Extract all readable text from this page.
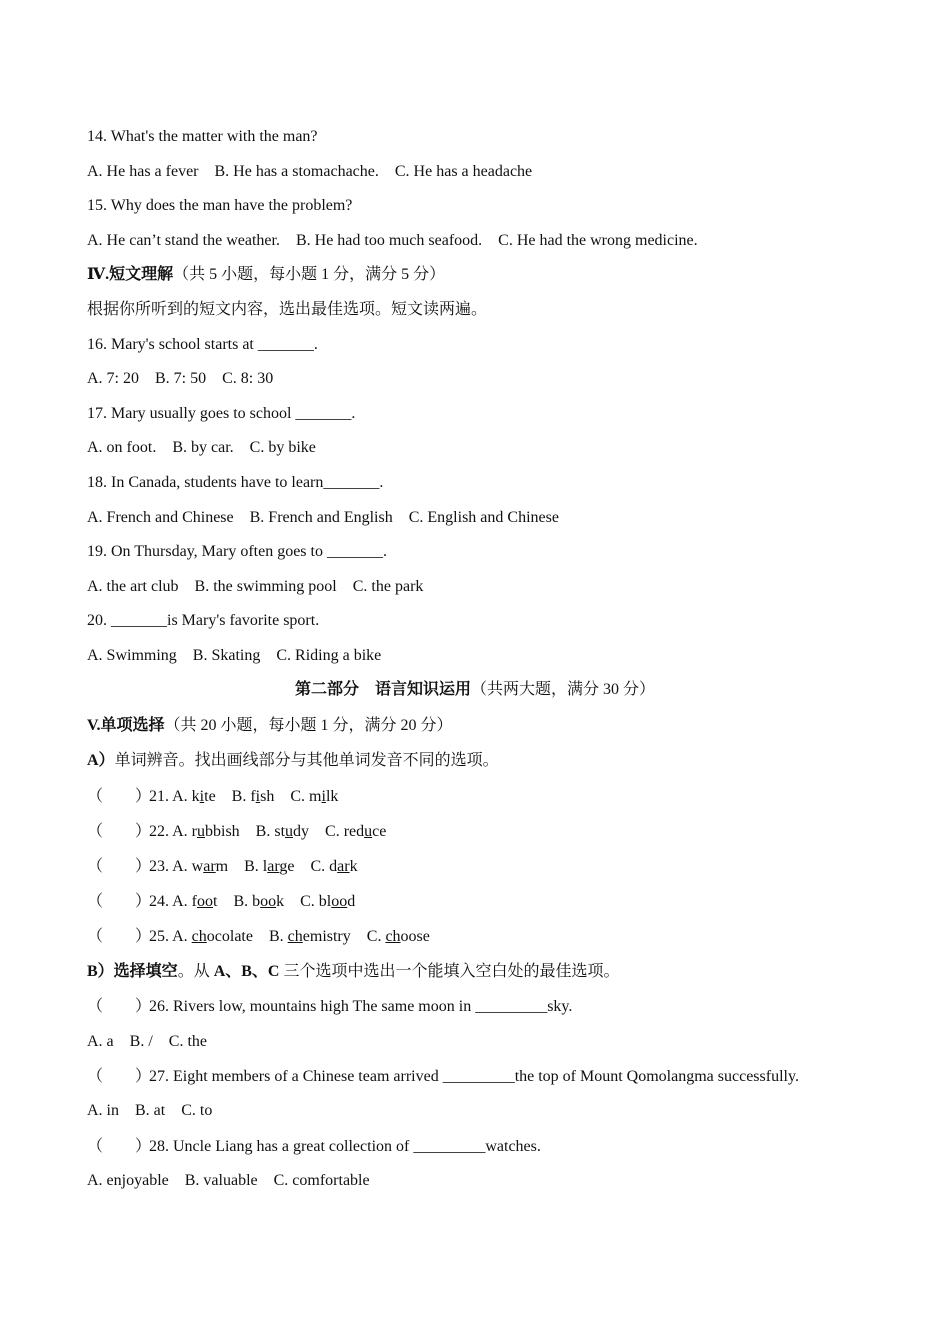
14. What's the matter with the man?
A. He has a fever    B. He has a stomachache.    C. He has a headache
15. Why does the man have the problem?
A. He can’t stand the weather.    B. He had too much seafood.    C. He had the wrong medicine.
Ⅳ.短文理解（共 5 小题，每小题 1 分，满分 5 分）
根据你所听到的短文内容，选出最佳选项。短文读两遍。
16. Mary's school starts at _______.
A. 7: 20    B. 7: 50    C. 8: 30
17. Mary usually goes to school _______.
A. on foot.    B. by car.    C. by bike
18. In Canada, students have to learn_______.
A. French and Chinese    B. French and English    C. English and Chinese
19. On Thursday, Mary often goes to _______.
A. the art club    B. the swimming pool    C. the park
20. _______is Mary's favorite sport.
A. Swimming    B. Skating    C. Riding a bike
第二部分　语言知识运用（共两大题，满分 30 分）
V.单项选择（共 20 小题，每小题 1 分，满分 20 分）
A）单词辨音。找出画线部分与其他单词发音不同的选项。
（　　）21. A. kite    B. fish    C. milk
（　　）22. A. rubbish    B. study    C. reduce
（　　）23. A. warm    B. large    C. dark
（　　）24. A. foot    B. book    C. blood
（　　）25. A. chocolate    B. chemistry    C. choose
B）选择填空。从 A、B、C 三个选项中选出一个能填入空白处的最佳选项。
（　　）26. Rivers low, mountains high The same moon in _________sky.
A. a    B. /    C. the
（　　）27. Eight members of a Chinese team arrived _________the top of Mount Qomolangma successfully.
A. in    B. at    C. to
（　　）28. Uncle Liang has a great collection of _________watches.
A. enjoyable    B. valuable    C. comfortable
